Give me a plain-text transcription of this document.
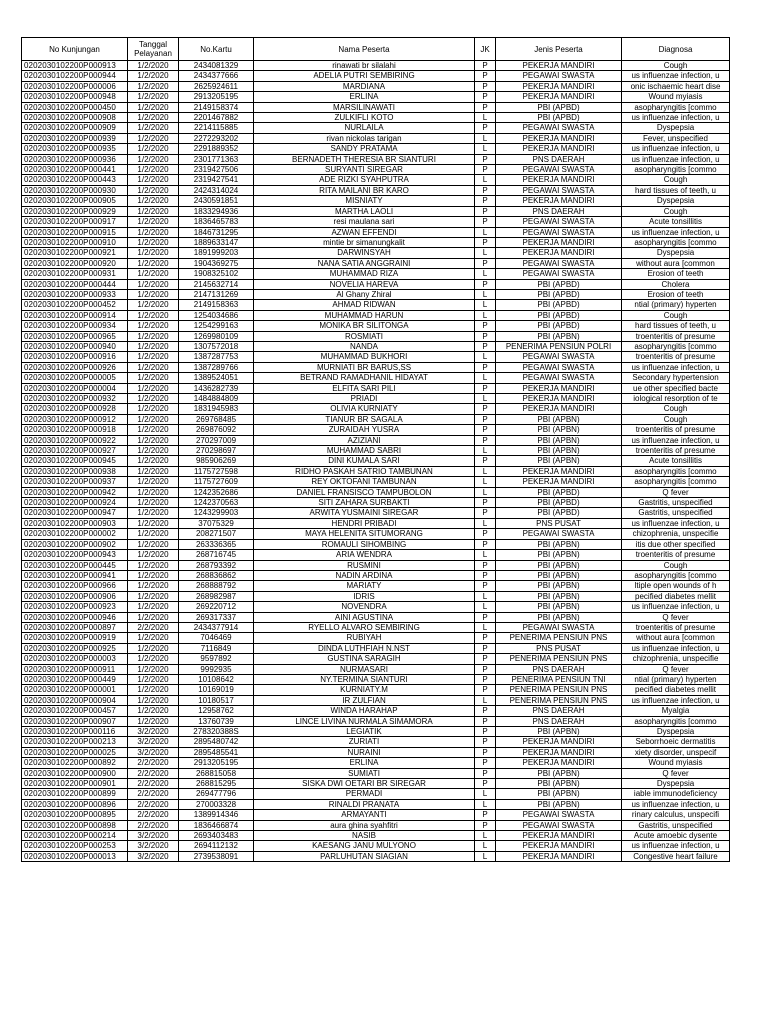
No Kunjungan	Tanggal Pelayanan	No.Kartu	Nama Peserta	JK	Jenis Peserta	Diagnosa
0202030102200P000913	1/2/2020	2434081329	rinawati br silalahi	P	PEKERJA MANDIRI	Cough
0202030102200P000944	1/2/2020	2434377666	ADELIA PUTRI SEMBIRING	P	PEGAWAI SWASTA	us influenzae infection, u
0202030102200P000006	1/2/2020	2625924611	MARDIANA	P	PEKERJA MANDIRI	onic ischaemic heart dise
0202030102200P000948	1/2/2020	2913205195	ERLINA	P	PEKERJA MANDIRI	Wound myiasis
0202030102200P000450	1/2/2020	2149158374	MARSILINAWATI	P	PBI (APBD)	asopharyngitis [commo
0202030102200P000908	1/2/2020	2201467882	ZULKIFLI KOTO	L	PBI (APBD)	us influenzae infection, u
0202030102200P000909	1/2/2020	2214115885	NURLAILA	P	PEGAWAI SWASTA	Dyspepsia
0202030102200P000939	1/2/2020	2272293202	rivan nickolas tarigan	L	PEKERJA MANDIRI	Fever, unspecified
0202030102200P000935	1/2/2020	2291889352	SANDY PRATAMA	L	PEKERJA MANDIRI	us influenzae infection, u
0202030102200P000936	1/2/2020	2301771363	BERNADETH THERESIA BR SIANTURI	P	PNS DAERAH	us influenzae infection, u
0202030102200P000441	1/2/2020	2319427506	SURYANTI SIREGAR	P	PEGAWAI SWASTA	asopharyngitis [commo
0202030102200P000443	1/2/2020	2319427541	ADE RIZKI SYAHPUTRA	L	PEKERJA MANDIRI	Cough
0202030102200P000930	1/2/2020	2424314024	RITA MAILANI BR KARO	P	PEGAWAI SWASTA	hard tissues of teeth, u
0202030102200P000905	1/2/2020	2430591851	MISNIATY	P	PEKERJA MANDIRI	Dyspepsia
0202030102200P000929	1/2/2020	1833294936	MARTHA LAOLI	P	PNS DAERAH	Cough
0202030102200P000917	1/2/2020	1836465783	resi maulana sari	P	PEGAWAI SWASTA	Acute tonsillitis
0202030102200P000915	1/2/2020	1846731295	AZWAN EFFENDI	L	PEGAWAI SWASTA	us influenzae infection, u
0202030102200P000910	1/2/2020	1889633147	mintie br simanungkalit	P	PEKERJA MANDIRI	asopharyngitis [commo
0202030102200P000921	1/2/2020	1891999203	DARWINSYAH	L	PEKERJA MANDIRI	Dyspepsia
0202030102200P000920	1/2/2020	1904369275	NANA SATIA ANGGRAINI	P	PEGAWAI SWASTA	without aura [common
0202030102200P000931	1/2/2020	1908325102	MUHAMMAD RIZA	L	PEGAWAI SWASTA	Erosion of teeth
0202030102200P000444	1/2/2020	2145632714	NOVELIA HAREVA	P	PBI (APBD)	Cholera
0202030102200P000933	1/2/2020	2147131269	Al Ghany Zhiral	L	PBI (APBD)	Erosion of teeth
0202030102200P000452	1/2/2020	2149158363	AHMAD RIDWAN	L	PBI (APBD)	ntial (primary) hyperten
0202030102200P000914	1/2/2020	1254034686	MUHAMMAD HARUN	L	PBI (APBD)	Cough
0202030102200P000934	1/2/2020	1254299163	MONIKA BR SILITONGA	P	PBI (APBD)	hard tissues of teeth, u
0202030102200P000965	1/2/2020	1269980109	ROSMIATI	P	PBI (APBN)	troenteritis of presume
0202030102200P000940	1/2/2020	1307572018	NANDA	P	PENERIMA PENSIUN POLRI	asopharyngitis [commo
0202030102200P000916	1/2/2020	1387287753	MUHAMMAD BUKHORI	L	PEGAWAI SWASTA	troenteritis of presume
0202030102200P000926	1/2/2020	1387289766	MURNIATI BR BARUS,SS	P	PEGAWAI SWASTA	us influenzae infection, u
0202030102200P000005	1/2/2020	1389524051	BETRAND RAMADHANIL HIDAYAT	L	PEGAWAI SWASTA	Secondary hypertension
0202030102200P000004	1/2/2020	1436282739	ELFITA SARI PILI	P	PEKERJA MANDIRI	ue other specified bacte
0202030102200P000932	1/2/2020	1484884809	PRIADI	L	PEKERJA MANDIRI	iological resorption of te
0202030102200P000928	1/2/2020	1831945983	OLIVIA KURNIATY	P	PEKERJA MANDIRI	Cough
0202030102200P000912	1/2/2020	269768485	TIANUR BR SAGALA	P	PBI (APBN)	Cough
0202030102200P000918	1/2/2020	269876092	ZURAIDAH YUSRA	P	PBI (APBN)	troenteritis of presume
0202030102200P000922	1/2/2020	270297009	AZIZIANI	P	PBI (APBN)	us influenzae infection, u
0202030102200P000927	1/2/2020	270298697	MUHAMMAD SABRI	L	PBI (APBN)	troenteritis of presume
0202030102200P000945	1/2/2020	985906269	DINI KUMALA SARI	P	PBI (APBN)	Acute tonsillitis
0202030102200P000938	1/2/2020	1175727598	RIDHO PASKAH SATRIO TAMBUNAN	L	PEKERJA MANDIRI	asopharyngitis [commo
0202030102200P000937	1/2/2020	1175727609	REY OKTOFANI TAMBUNAN	L	PEKERJA MANDIRI	asopharyngitis [commo
0202030102200P000942	1/2/2020	1242352686	DANIEL FRANSISCO TAMPUBOLON	L	PBI (APBD)	Q fever
0202030102200P000924	1/2/2020	1242370563	SITI ZAHARA SURBAKTI	P	PBI (APBD)	Gastritis, unspecified
0202030102200P000947	1/2/2020	1243299903	ARWITA YUSMAINI SIREGAR	P	PBI (APBD)	Gastritis, unspecified
0202030102200P000903	1/2/2020	37075329	HENDRI PRIBADI	L	PNS PUSAT	us influenzae infection, u
0202030102200P000002	1/2/2020	208271507	MAYA HELENITA SITUMORANG	P	PEGAWAI SWASTA	chizophrenia, unspecifie
0202030102200P000902	1/2/2020	263336365	ROMAULI SIHOMBING	P	PBI (APBN)	itis due other specified
0202030102200P000943	1/2/2020	268716745	ARIA WENDRA	L	PBI (APBN)	troenteritis of presume
0202030102200P000445	1/2/2020	268793392	RUSMINI	P	PBI (APBN)	Cough
0202030102200P000941	1/2/2020	268836862	NADIN ARDINA	P	PBI (APBN)	asopharyngitis [commo
0202030102200P000966	1/2/2020	268888792	MARIATY	P	PBI (APBN)	ltiple open wounds of h
0202030102200P000906	1/2/2020	268982987	IDRIS	L	PBI (APBN)	pecified diabetes mellit
0202030102200P000923	1/2/2020	269220712	NOVENDRA	L	PBI (APBN)	us influenzae infection, u
0202030102200P000946	1/2/2020	269317337	AINI AGUSTINA	P	PBI (APBN)	Q fever
0202030102200P000897	2/2/2020	2434377914	RYELLO ALVARO SEMBIRING	L	PEGAWAI SWASTA	troenteritis of presume
0202030102200P000919	1/2/2020	7046469	RUBIYAH	P	PENERIMA PENSIUN PNS	without aura [common
0202030102200P000925	1/2/2020	7116849	DINDA LUTHFIAH N.NST	P	PNS PUSAT	us influenzae infection, u
0202030102200P000003	1/2/2020	9597892	GUSTINA SARAGIH	P	PENERIMA PENSIUN PNS	chizophrenia, unspecifie
0202030102200P000911	1/2/2020	9992935	NURMASARI	P	PNS DAERAH	Q fever
0202030102200P000449	1/2/2020	10108642	NY.TERMINA SIANTURI	P	PENERIMA PENSIUN TNI	ntial (primary) hyperten
0202030102200P000001	1/2/2020	10169019	KURNIATY.M	P	PENERIMA PENSIUN PNS	pecified diabetes mellit
0202030102200P000904	1/2/2020	10180517	IR ZULFIAN	L	PENERIMA PENSIUN PNS	us influenzae infection, u
0202030102200P000457	1/2/2020	12958762	WINDA HARAHAP	P	PNS DAERAH	Myalgia
0202030102200P000907	1/2/2020	13760739	LINCE LIVINA NURMALA SIMAMORA	P	PNS DAERAH	asopharyngitis [commo
0202030102200P000116	3/2/2020	278320388S	LEGIATIK	P	PBI (APBN)	Dyspepsia
0202030102200P000213	3/2/2020	2895480742	ZURIATI	P	PEKERJA MANDIRI	Seborrhoeic dermatitis
0202030102200P000025	3/2/2020	2895485541	NURAINI	P	PEKERJA MANDIRI	xiety disorder, unspecif
0202030102200P000892	2/2/2020	2913205195	ERLINA	P	PEKERJA MANDIRI	Wound myiasis
0202030102200P000900	2/2/2020	268815058	SUMIATI	P	PBI (APBN)	Q fever
0202030102200P000901	2/2/2020	268815295	SISKA DWI OETARI BR SIREGAR	P	PBI (APBN)	Dyspepsia
0202030102200P000899	2/2/2020	269477796	PERMADI	L	PBI (APBN)	iable immunodeficiency
0202030102200P000896	2/2/2020	270003328	RINALDI PRANATA	L	PBI (APBN)	us influenzae infection, u
0202030102200P000895	2/2/2020	1389914346	ARMAYANTI	P	PEGAWAI SWASTA	rinary calculus, unspecifi
0202030102200P000898	2/2/2020	1836466874	aura ghina syahfitri	P	PEGAWAI SWASTA	Gastritis, unspecified
0202030102200P000214	3/2/2020	2693403483	NASIB	L	PEKERJA MANDIRI	Acute amoebic dysente
0202030102200P000253	3/2/2020	2694112132	KAESANG JANU MULYONO	L	PEKERJA MANDIRI	us influenzae infection, u
0202030102200P000013	3/2/2020	2739538091	PARLUHUTAN SIAGIAN	L	PEKERJA MANDIRI	Congestive heart failure
